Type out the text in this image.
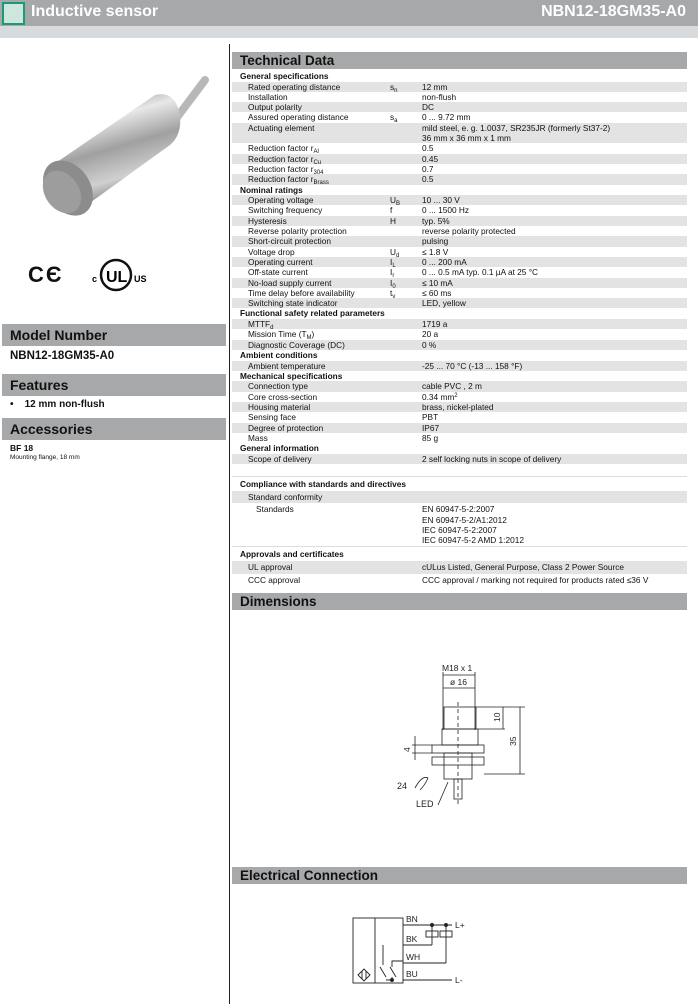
Inductive sensor	NBN12-18GM35-A0
CЄ	c UL US
Model Number
NBN12-18GM35-A0
Features
•    12 mm non-flush
Accessories
BF 18
Mounting flange, 18 mm
Technical Data
General specifications
Rated operating distance	$s_n$	12 mm
Installation	non-flush
Output polarity	DC
Assured operating distance	$s_a$	0 ... 9.72 mm
Actuating element	mild steel, e. g. 1.0037, SR235JR (formerly St37-2)
36 mm x 36 mm x 1 mm
Reduction factor $r_{Al}$	0.5
Reduction factor $r_{Cu}$	0.45
Reduction factor $r_{304}$	0.7
Reduction factor $r_{Brass}$	0.5
Nominal ratings
Operating voltage	$U_B$	10 ... 30 V
Switching frequency	f	0 ... 1500 Hz
Hysteresis	H	typ. 5%
Reverse polarity protection	reverse polarity protected
Short-circuit protection	pulsing
Voltage drop	$U_d$	≤ 1.8 V
Operating current	$I_L$	0 ... 200 mA
Off-state current	$I_r$	0 ... 0.5 mA typ. 0.1 µA at 25 °C
No-load supply current	$I_0$	≤ 10 mA
Time delay before availability	$t_v$	≤ 60 ms
Switching state indicator	LED, yellow
Functional safety related parameters
$MTTF_d$	1719 a
Mission Time $(T_M)$	20 a
Diagnostic Coverage (DC)	0 %
Ambient conditions
Ambient temperature	-25 ... 70 °C (-13 ... 158 °F)
Mechanical specifications
Connection type	cable PVC , 2 m
Core cross-section	0.34 $mm^2$
Housing material	brass, nickel-plated
Sensing face	PBT
Degree of protection	IP67
Mass	85 g
General information
Scope of delivery	2 self locking nuts in scope of delivery
Compliance with standards and directives
Standard conformity
Standards	EN 60947-5-2:2007
EN 60947-5-2/A1:2012
IEC 60947-5-2:2007
IEC 60947-5-2 AMD 1:2012
Approvals and certificates
UL approval	cULus Listed, General Purpose, Class 2 Power Source
CCC approval	CCC approval / marking not required for products rated ≤36 V
Dimensions
M18 x 1
ø 16
10
35
4
24
LED
Electrical Connection
BN
BK
WH
BU
L+
L-
